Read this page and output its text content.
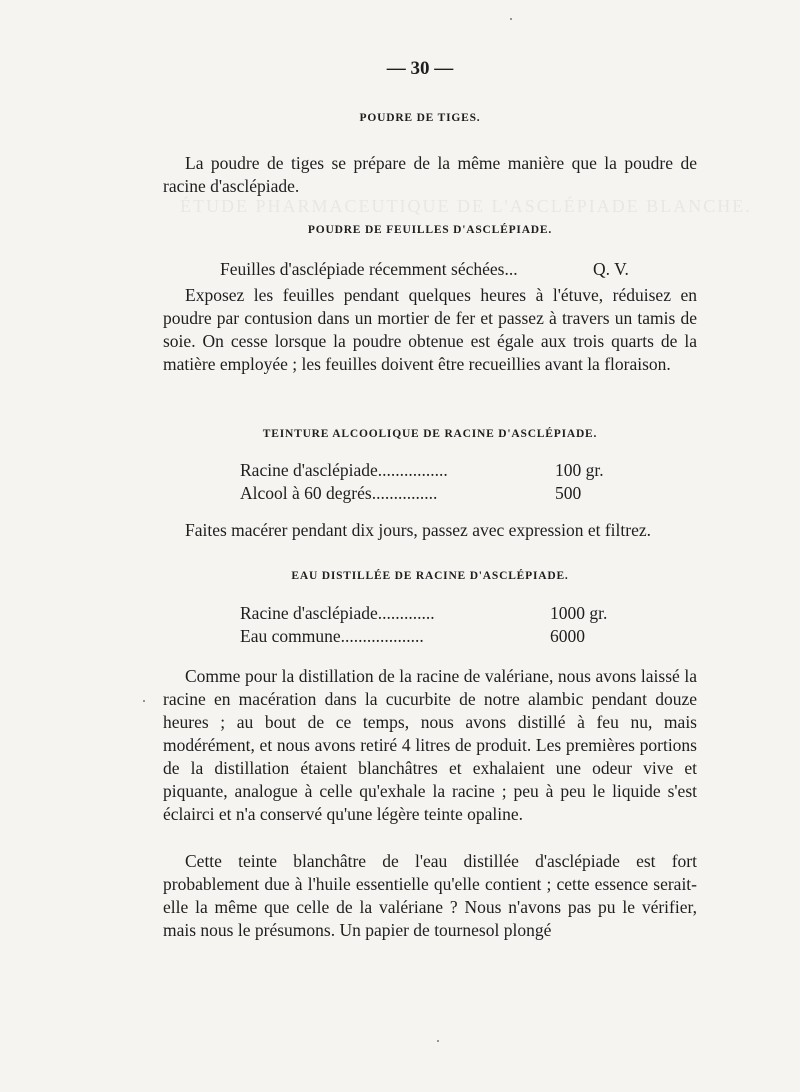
ÉTUDE PHARMACEUTIQUE DE L'ASCLÉPIADE BLANCHE.
— 30 —
POUDRE DE TIGES.

La poudre de tiges se prépare de la même manière que la poudre de racine d'asclépiade.

POUDRE DE FEUILLES D'ASCLÉPIADE.
Feuilles d'asclépiade récemment séchées...	Q. V.

Exposez les feuilles pendant quelques heures à l'étuve, réduisez en poudre par contusion dans un mortier de fer et passez à travers un tamis de soie. On cesse lorsque la poudre obtenue est égale aux trois quarts de la matière employée ; les feuilles doivent être recueillies avant la floraison.

TEINTURE ALCOOLIQUE DE RACINE D'ASCLÉPIADE.
Racine d'asclépiade................	100 gr.
Alcool à 60 degrés...............	500

Faites macérer pendant dix jours, passez avec expression et filtrez.

EAU DISTILLÉE DE RACINE D'ASCLÉPIADE.
Racine d'asclépiade.............	1000 gr.
Eau commune...................	6000

Comme pour la distillation de la racine de valériane, nous avons laissé la racine en macération dans la cucurbite de notre alambic pendant douze heures ; au bout de ce temps, nous avons distillé à feu nu, mais modérément, et nous avons retiré 4 litres de produit. Les premières portions de la distillation étaient blanchâtres et exhalaient une odeur vive et piquante, analogue à celle qu'exhale la racine ; peu à peu le liquide s'est éclairci et n'a conservé qu'une légère teinte opaline.

Cette teinte blanchâtre de l'eau distillée d'asclépiade est fort probablement due à l'huile essentielle qu'elle contient ; cette essence serait-elle la même que celle de la valériane ? Nous n'avons pas pu le vérifier, mais nous le présumons. Un papier de tournesol plongé
